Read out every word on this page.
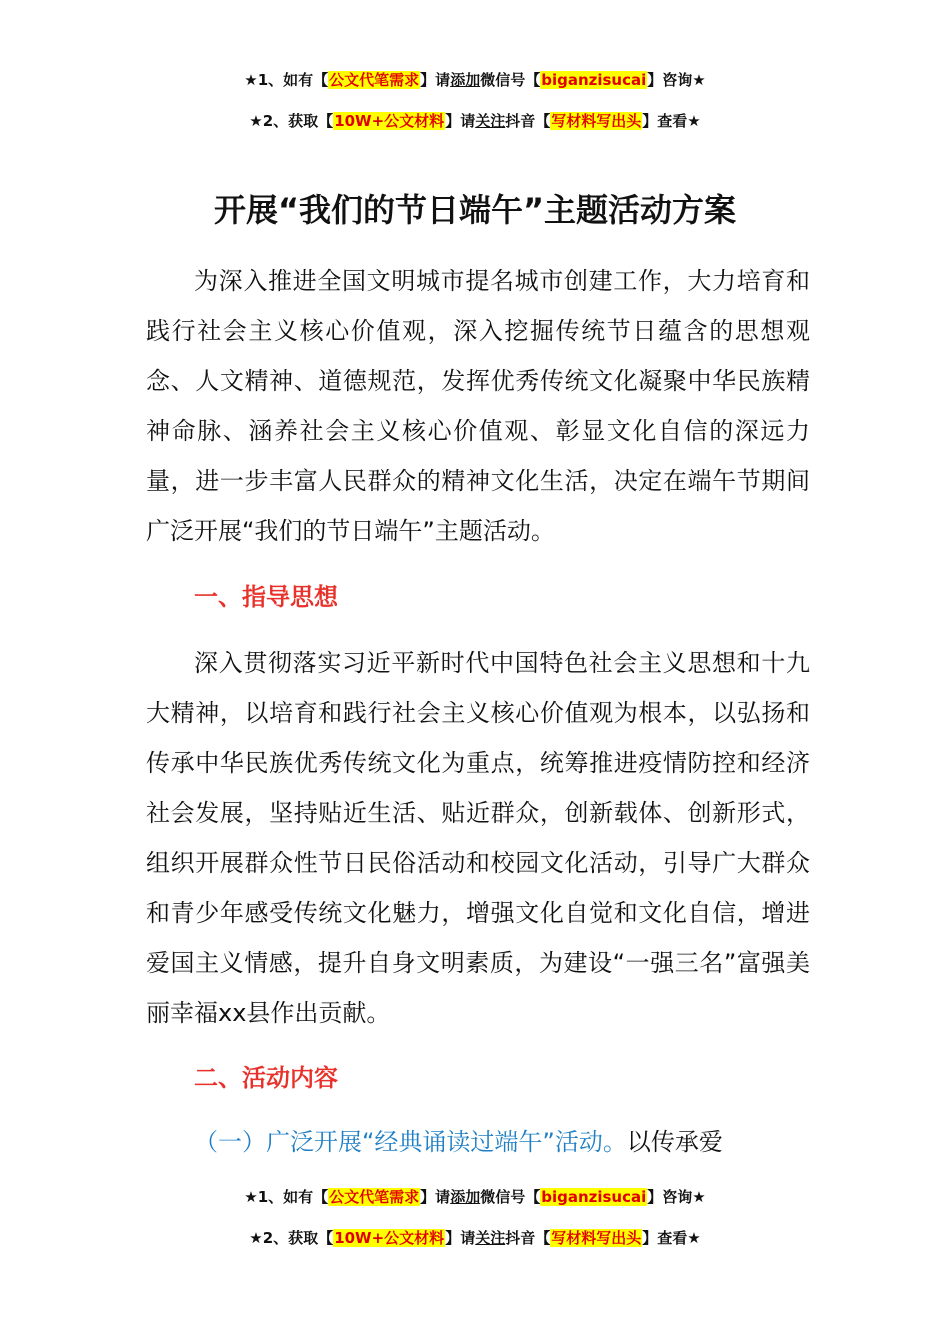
★1、如有【公文代笔需求】请添加微信号【biganzisucai】咨询★
★2、获取【10W+公文材料】请关注抖音【写材料写出头】查看★
开展“我们的节日端午”主题活动方案

为深入推进全国文明城市提名城市创建工作，大力培育和践行社会主义核心价值观，深入挖掘传统节日蕴含的思想观念、人文精神、道德规范，发挥优秀传统文化凝聚中华民族精神命脉、涵养社会主义核心价值观、彰显文化自信的深远力量，进一步丰富人民群众的精神文化生活，决定在端午节期间广泛开展“我们的节日端午”主题活动。

一、指导思想

深入贯彻落实习近平新时代中国特色社会主义思想和十九大精神，以培育和践行社会主义核心价值观为根本，以弘扬和传承中华民族优秀传统文化为重点，统筹推进疫情防控和经济社会发展，坚持贴近生活、贴近群众，创新载体、创新形式，组织开展群众性节日民俗活动和校园文化活动，引导广大群众和青少年感受传统文化魅力，增强文化自觉和文化自信，增进爱国主义情感，提升自身文明素质，为建设“一强三名”富强美丽幸福xx县作出贡献。

二、活动内容

（一）广泛开展“经典诵读过端午”活动。以传承爱

★1、如有【公文代笔需求】请添加微信号【biganzisucai】咨询★
★2、获取【10W+公文材料】请关注抖音【写材料写出头】查看★
